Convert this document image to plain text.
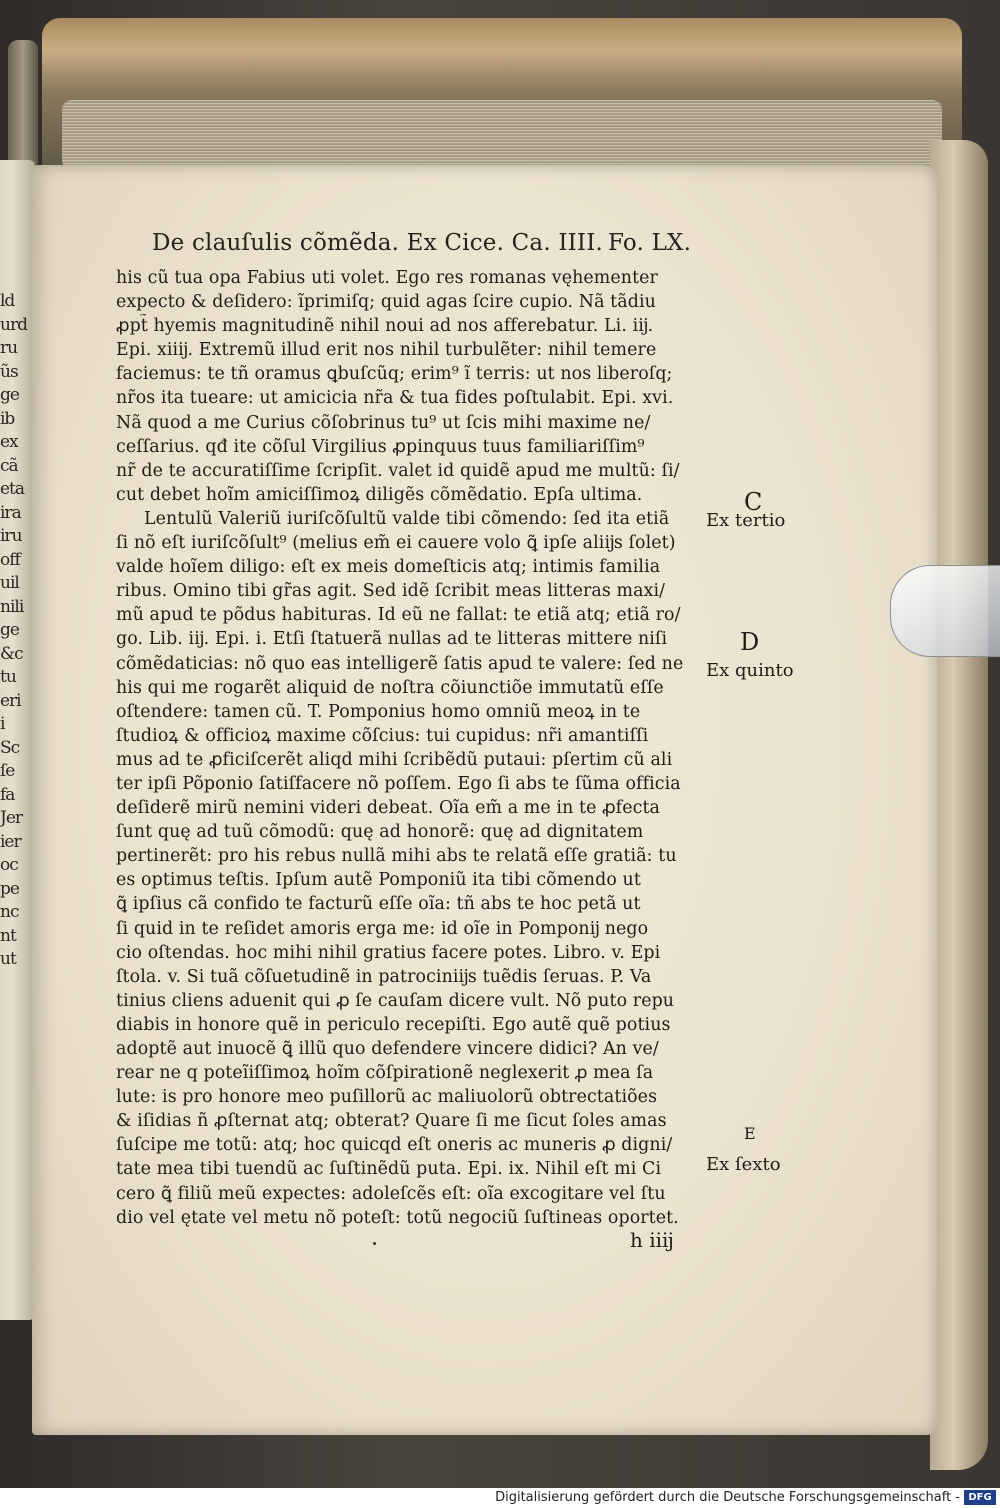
ld
urd
ru
ũs
ge
ib
ex
cã
eta
ira
iru
off
uil
nili
ge
&c
tu
eri
i
Sc
ſe
fa
Jer
ier
oc
pe
nc
nt
ut
De clauſulis cõmẽda. Ex Cice. Ca. IIII. Fo. LX.
his cũ tua opa Fabius uti volet. Ego res romanas vęhementer
expecto & deſidero: ĩprimiſq; quid agas ſcire cupio. Nã tãdiu
ꝓpt̃ hyemis magnitudinẽ nihil noui ad nos afferebatur. Li. iĳ.
Epi. xiiĳ. Extremũ illud erit nos nihil turbulẽter: nihil temere
faciemus: te tñ oramus ꝗbuſcũq; erim⁹ ĩ terris: ut nos liberoſq;
nr̃os ita tueare: ut amicicia nr̃a & tua fides poſtulabit. Epi. xvi.
Nã quod a me Curius cõſobrinus tu⁹ ut ſcis mihi maxime ne/
ceſſarius. qđ ite cõſul Virgilius ꝓpinquus tuus familiariſſim⁹
nr̃ de te accuratiſſime ſcripſit. valet id quidẽ apud me multũ: ſi/
cut debet hoĩm amiciſſimoꝝ diligẽs cõmẽdatio. Epſa ultima.
Lentulũ Valeriũ iuriſcõſultũ valde tibi cõmendo: ſed ita etiã
ſi nõ eſt iuriſcõſult⁹ (melius em̃ ei cauere volo ꝗ̃ ipſe aliĳs ſolet)
valde hoĩem diligo: eſt ex meis domeſticis atq; intimis familia
ribus. Omino tibi gr̃as agit. Sed idẽ ſcribit meas litteras maxi/
mũ apud te põdus habituras. Id eũ ne fallat: te etiã atq; etiã ro/
go. Lib. iĳ. Epi. i. Etſi ſtatuerã nullas ad te litteras mittere niſi
cõmẽdaticias: nõ quo eas intelligerẽ ſatis apud te valere: ſed ne
his qui me rogarẽt aliquid de noſtra cõiunctiõe immutatũ eſſe
oſtendere: tamen cũ. T. Pomponius homo omniũ meoꝝ in te
ſtudioꝝ & officioꝝ maxime cõſcius: tui cupidus: nr̃i amantiſſi
mus ad te ꝓficiſcerẽt aliqd mihi ſcribẽdũ putaui: pſertim cũ ali
ter ipſi Põponio ſatiſfacere nõ poſſem. Ego ſi abs te ſũma officia
deſiderẽ mirũ nemini videri debeat. Oĩa em̃ a me in te ꝓfecta
ſunt quę ad tuũ cõmodũ: quę ad honorẽ: quę ad dignitatem
pertinerẽt: pro his rebus nullã mihi abs te relatã eſſe gratiã: tu
es optimus teſtis. Ipſum autẽ Pomponiũ ita tibi cõmendo ut
ꝗ̃ ipſius cã confido te facturũ eſſe oĩa: tñ abs te hoc petã ut
ſi quid in te reſidet amoris erga me: id oĩe in Pomponĳ nego
cio oſtendas. hoc mihi nihil gratius facere potes. Libro. v. Epi
ſtola. v. Si tuã cõſuetudinẽ in patrociniĳs tuẽdis ſeruas. P. Va
tinius cliens aduenit qui ꝓ ſe cauſam dicere vult. Nõ puto repu
diabis in honore quẽ in periculo recepiſti. Ego autẽ quẽ potius
adoptẽ aut inuocẽ ꝗ̃ illũ quo defendere vincere didici? An ve/
rear ne q poteĩiſſimoꝝ hoĩm cõſpirationẽ neglexerit ꝓ mea ſa
lute: is pro honore meo puſillorũ ac maliuolorũ obtrectatiões
& iſidias ñ ꝓſternat atq; obterat? Quare ſi me ſicut ſoles amas
ſuſcipe me totũ: atq; hoc quicqd eſt oneris ac muneris ꝓ digni/
tate mea tibi tuendũ ac ſuſtinẽdũ puta. Epi. ix. Nihil eſt mi Ci
cero ꝗ̃ filiũ meũ expectes: adoleſcẽs eſt: oĩa excogitare vel ſtu
dio vel ętate vel metu nõ poteſt: totũ negociũ ſuſtineas oportet.
C
Ex tertio
D
Ex quinto
E
Ex ſexto
h iiĳ
Digitalisierung gefördert durch die Deutsche Forschungsgemeinschaft - DFG
